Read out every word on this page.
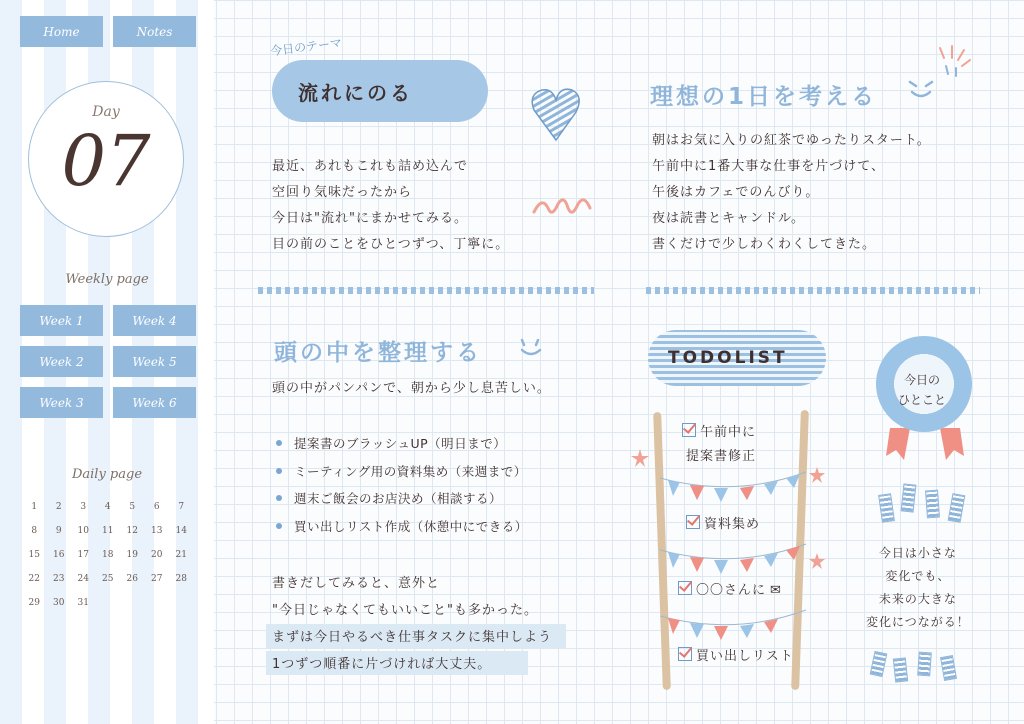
Home	Notes
Day
07
Weekly page
Week 1	Week 4
Week 2	Week 5
Week 3	Week 6
Daily page
1	2	3	4	5	6	7
8	9	10	11	12	13	14
15	16	17	18	19	20	21
22	23	24	25	26	27	28
29	30	31
今日のテーマ
流れにのる
最近、あれもこれも詰め込んで
空回り気味だったから
今日は"流れ"にまかせてみる。
目の前のことをひとつずつ、丁寧に。
理想の1日を考える
朝はお気に入りの紅茶でゆったりスタート。
午前中に1番大事な仕事を片づけて、
午後はカフェでのんびり。
夜は読書とキャンドル。
書くだけで少しわくわくしてきた。
頭の中を整理する
頭の中がパンパンで、朝から少し息苦しい。
提案書のブラッシュUP（明日まで）
ミーティング用の資料集め（来週まで）
週末ご飯会のお店決め（相談する）
買い出しリスト作成（休憩中にできる）
書きだしてみると、意外と
"今日じゃなくてもいいこと"も多かった。
まずは今日やるべき仕事タスクに集中しよう
1つずつ順番に片づければ大丈夫。
TODOLIST
午前中に
提案書修正
資料集め
〇〇さんに ✉
買い出しリスト
今日の
ひとこと
今日は小さな
変化でも、
未来の大きな
変化につながる！
